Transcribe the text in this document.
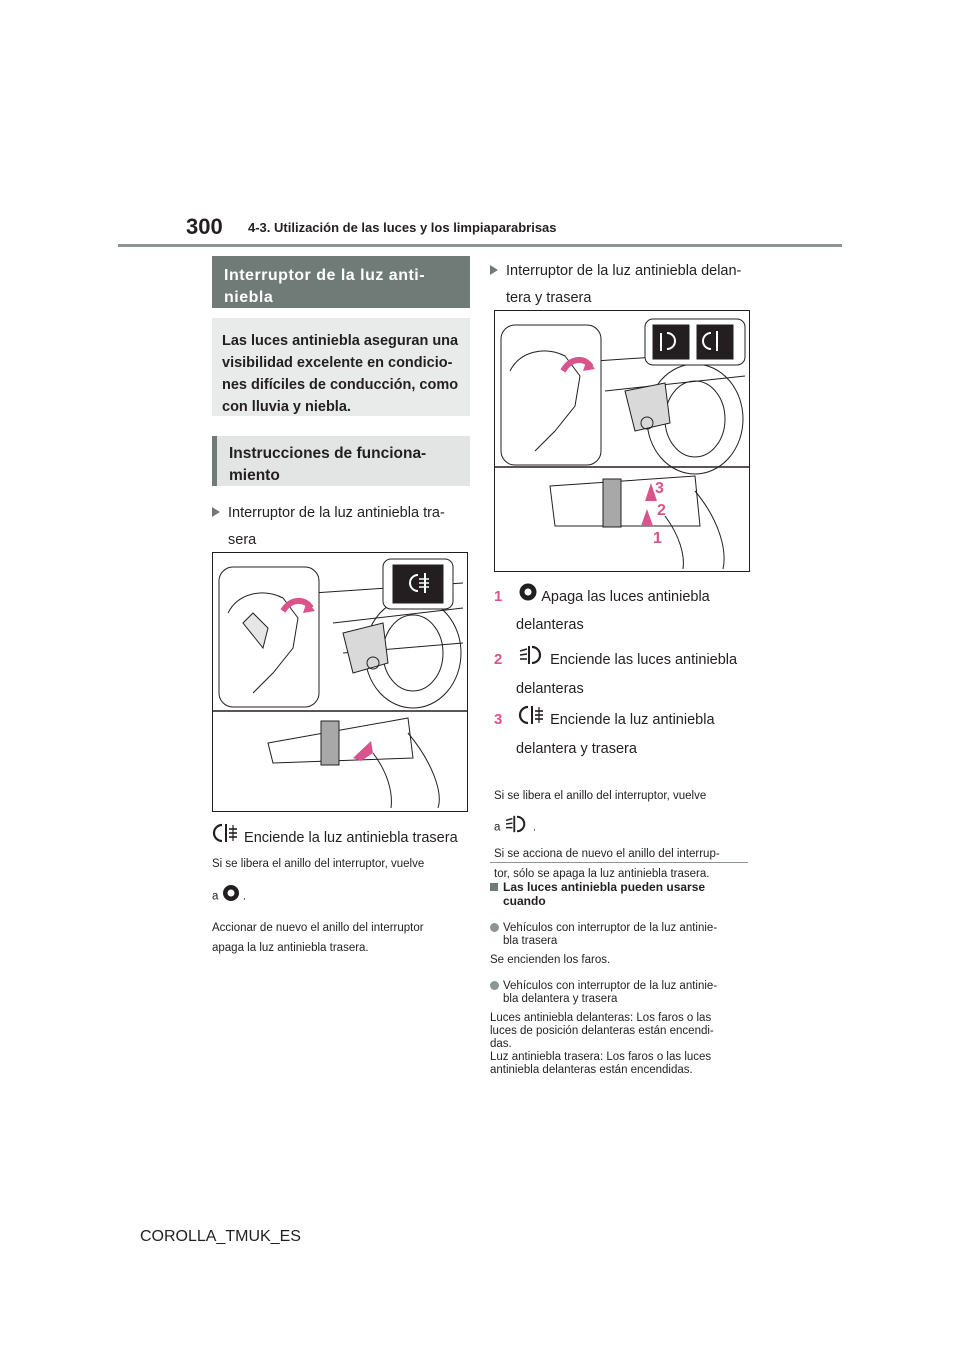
300 4-3. Utilización de las luces y los limpiaparabrisas
Interruptor de la luz anti-
niebla
Las luces antiniebla aseguran una visibilidad excelente en condicio-nes difíciles de conducción, como con lluvia y niebla.
Instrucciones de funciona-
miento
Interruptor de la luz antiniebla tra-
sera
Enciende la luz antiniebla trasera
Si se libera el anillo del interruptor, vuelve
a .
Accionar de nuevo el anillo del interruptor
apaga la luz antiniebla trasera.
Interruptor de la luz antiniebla delan-
tera y trasera
3
2
1
1	Apaga las luces antiniebla
delanteras
2	Enciende las luces antiniebla
delanteras
3	Enciende la luz antiniebla
delantera y trasera
Si se libera el anillo del interruptor, vuelve
a	.
Si se acciona de nuevo el anillo del interrup-
tor, sólo se apaga la luz antiniebla trasera.
Las luces antiniebla pueden usarse
cuando
Vehículos con interruptor de la luz antinie-
bla trasera
Se encienden los faros.
Vehículos con interruptor de la luz antinie-
bla delantera y trasera
Luces antiniebla delanteras: Los faros o las
luces de posición delanteras están encendi-
das.
Luz antiniebla trasera: Los faros o las luces
antiniebla delanteras están encendidas.
COROLLA_TMUK_ES
